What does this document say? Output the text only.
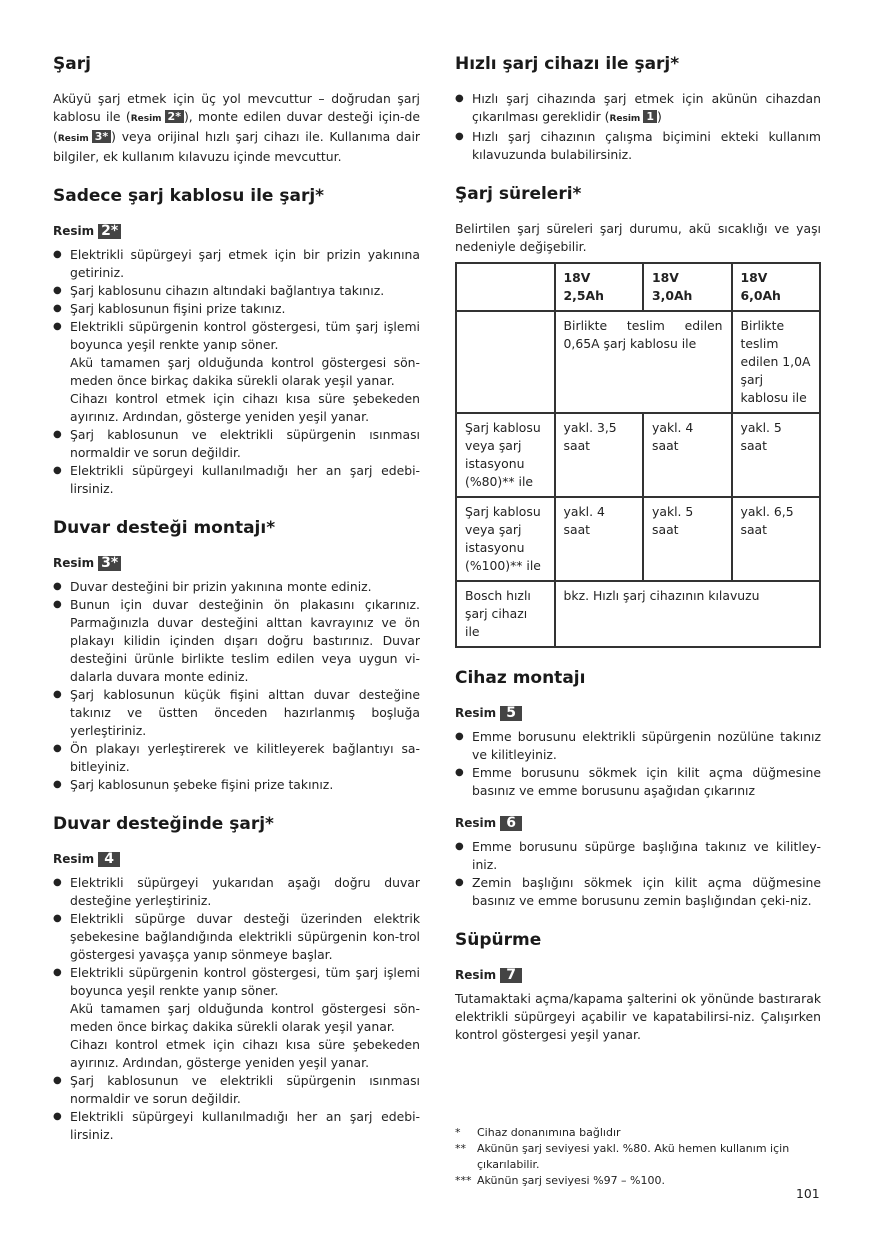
Şarj

Aküyü şarj etmek için üç yol mevcuttur – doğrudan şarj kablosu ile (Resim 2* ), monte edilen duvar desteği için-de (Resim 3* ) veya orijinal hızlı şarj cihazı ile. Kullanıma dair bilgiler, ek kullanım kılavuzu içinde mevcuttur.

Sadece şarj kablosu ile şarj*
Resim 2*
● Elektrikli süpürgeyi şarj etmek için bir prizin yakınına getiriniz.
● Şarj kablosunu cihazın altındaki bağlantıya takınız.
● Şarj kablosunun fişini prize takınız.
● Elektrikli süpürgenin kontrol göstergesi, tüm şarj işlemi boyunca yeşil renkte yanıp söner.
Akü tamamen şarj olduğunda kontrol göstergesi sön-meden önce birkaç dakika sürekli olarak yeşil yanar.
Cihazı kontrol etmek için cihazı kısa süre şebekeden ayırınız. Ardından, gösterge yeniden yeşil yanar.
● Şarj kablosunun ve elektrikli süpürgenin ısınması normaldir ve sorun değildir.
● Elektrikli süpürgeyi kullanılmadığı her an şarj edebi-lirsiniz.
Duvar desteği montajı*
Resim 3*
● Duvar desteğini bir prizin yakınına monte ediniz.
● Bunun için duvar desteğinin ön plakasını çıkarınız. Parmağınızla duvar desteğini alttan kavrayınız ve ön plakayı kilidin içinden dışarı doğru bastırınız. Duvar desteğini ürünle birlikte teslim edilen veya uygun vi-dalarla duvara monte ediniz.
● Şarj kablosunun küçük fişini alttan duvar desteğine takınız ve üstten önceden hazırlanmış boşluğa yerleştiriniz.
● Ön plakayı yerleştirerek ve kilitleyerek bağlantıyı sa-bitleyiniz.
● Şarj kablosunun şebeke fişini prize takınız.
Duvar desteğinde şarj*
Resim 4
● Elektrikli süpürgeyi yukarıdan aşağı doğru duvar desteğine yerleştiriniz.
● Elektrikli süpürge duvar desteği üzerinden elektrik şebekesine bağlandığında elektrikli süpürgenin kon-trol göstergesi yavaşça yanıp sönmeye başlar.
● Elektrikli süpürgenin kontrol göstergesi, tüm şarj işlemi boyunca yeşil renkte yanıp söner.
Akü tamamen şarj olduğunda kontrol göstergesi sön-meden önce birkaç dakika sürekli olarak yeşil yanar.
Cihazı kontrol etmek için cihazı kısa süre şebekeden ayırınız. Ardından, gösterge yeniden yeşil yanar.
● Şarj kablosunun ve elektrikli süpürgenin ısınması normaldir ve sorun değildir.
● Elektrikli süpürgeyi kullanılmadığı her an şarj edebi-lirsiniz.
Hızlı şarj cihazı ile şarj*
● Hızlı şarj cihazında şarj etmek için akünün cihazdan çıkarılması gereklidir (Resim 1 )
● Hızlı şarj cihazının çalışma biçimini ekteki kullanım kılavuzunda bulabilirsiniz.
Şarj süreleri*

Belirtilen şarj süreleri şarj durumu, akü sıcaklığı ve yaşı nedeniyle değişebilir.

	18V 2,5Ah	18V 3,0Ah	18V 6,0Ah
	Birlikte teslim edilen 0,65A şarj kablosu ile		Birlikte teslim edilen 1,0A şarj kablosu ile
Şarj kablosu veya şarj istasyonu (%80)** ile	yakl. 3,5 saat	yakl. 4 saat	yakl. 5 saat
Şarj kablosu veya şarj istasyonu (%100)** ile	yakl. 4 saat	yakl. 5 saat	yakl. 6,5 saat
Bosch hızlı şarj cihazı ile	bkz. Hızlı şarj cihazının kılavuzu		
Cihaz montajı
Resim 5
● Emme borusunu elektrikli süpürgenin nozülüne takınız ve kilitleyiniz.
● Emme borusunu sökmek için kilit açma düğmesine basınız ve emme borusunu aşağıdan çıkarınız
Resim 6
● Emme borusunu süpürge başlığına takınız ve kilitley-iniz.
● Zemin başlığını sökmek için kilit açma düğmesine basınız ve emme borusunu zemin başlığından çeki-niz.
Süpürme
Resim 7

Tutamaktaki açma/kapama şalterini ok yönünde bastırarak elektrikli süpürgeyi açabilir ve kapatabilirsi-niz. Çalışırken kontrol göstergesi yeşil yanar.

*	Cihaz donanımına bağlıdır
**	Akünün şarj seviyesi yakl. %80. Akü hemen kullanım için çıkarılabilir.
*** Akünün şarj seviyesi %97 – %100.
101
